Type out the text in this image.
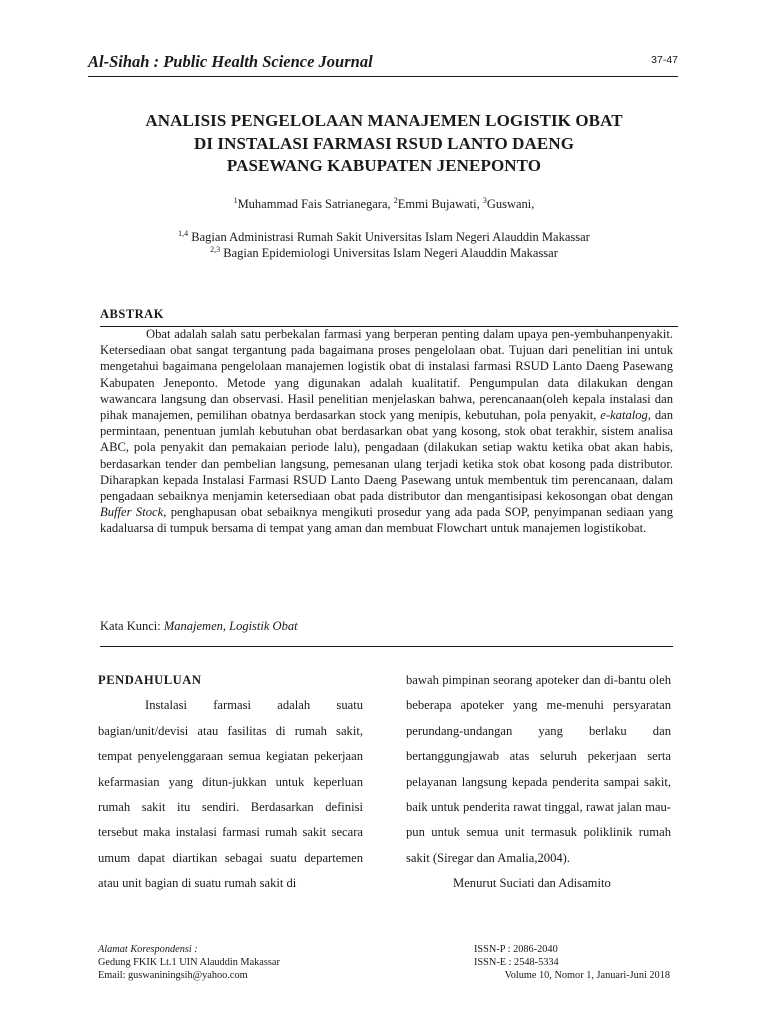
Al-Sihah : Public Health Science Journal	37-47
ANALISIS PENGELOLAAN MANAJEMEN LOGISTIK OBAT
DI INSTALASI FARMASI RSUD LANTO DAENG
PASEWANG KABUPATEN JENEPONTO
$^1$Muhammad Fais Satrianegara, $^2$Emmi Bujawati, $^3$Guswani,
$^{1,4}$ Bagian Administrasi Rumah Sakit Universitas Islam Negeri Alauddin Makassar
$^{2,3}$ Bagian Epidemiologi Universitas Islam Negeri Alauddin Makassar
ABSTRAK

Obat adalah salah satu perbekalan farmasi yang berperan penting dalam upaya pen-yembuhanpenyakit. Ketersediaan obat sangat tergantung pada bagaimana proses pengelolaan obat. Tujuan dari penelitian ini untuk mengetahui bagaimana pengelolaan manajemen logistik obat di instalasi farmasi RSUD Lanto Daeng Pasewang Kabupaten Jeneponto. Metode yang digunakan adalah kualitatif. Pengumpulan data dilakukan dengan wawancara langsung dan observasi. Hasil penelitian menjelaskan bahwa, perencanaan(oleh kepala instalasi dan pihak manajemen, pemilihan obatnya berdasarkan stock yang menipis, kebutuhan, pola penyakit, e-katalog, dan permintaan, penentuan jumlah kebutuhan obat berdasarkan obat yang kosong, stok obat terakhir, sistem analisa ABC, pola penyakit dan pemakaian periode lalu), pengadaan (dilakukan setiap waktu ketika obat akan habis, berdasarkan tender dan pembelian langsung, pemesanan ulang terjadi ketika stok obat kosong pada distributor. Diharapkan kepada Instalasi Farmasi RSUD Lanto Daeng Pasewang untuk membentuk tim perencanaan, dalam pengadaan sebaiknya menjamin ketersediaan obat pada distributor dan mengantisipasi kekosongan obat dengan Buffer Stock, penghapusan obat sebaiknya mengikuti prosedur yang ada pada SOP, penyimpanan sediaan yang kadaluarsa di tumpuk bersama di tempat yang aman dan membuat Flowchart untuk manajemen logistikobat.

Kata Kunci: Manajemen, Logistik Obat

PENDAHULUAN

Instalasi farmasi adalah suatu bagian/unit/devisi atau fasilitas di rumah sakit, tempat penyelenggaraan semua kegiatan pekerjaan kefarmasian yang ditun-jukkan untuk keperluan rumah sakit itu sendiri. Berdasarkan definisi tersebut maka instalasi farmasi rumah sakit secara umum dapat diartikan sebagai suatu departemen atau unit bagian di suatu rumah sakit di

bawah pimpinan seorang apoteker dan di-bantu oleh beberapa apoteker yang me-menuhi persyaratan perundang-undangan yang berlaku dan bertanggungjawab atas seluruh pekerjaan serta pelayanan langsung kepada penderita sampai sakit, baik untuk penderita rawat tinggal, rawat jalan mau-pun untuk semua unit termasuk poliklinik rumah sakit (Siregar dan Amalia,2004).

Menurut Suciati dan Adisamito

Alamat Korespondensi :
Gedung FKIK Lt.1 UIN Alauddin Makassar
Email: guswaniningsih@yahoo.com
ISSN-P : 2086-2040
ISSN-E : 2548-5334
Volume 10, Nomor 1, Januari-Juni 2018
